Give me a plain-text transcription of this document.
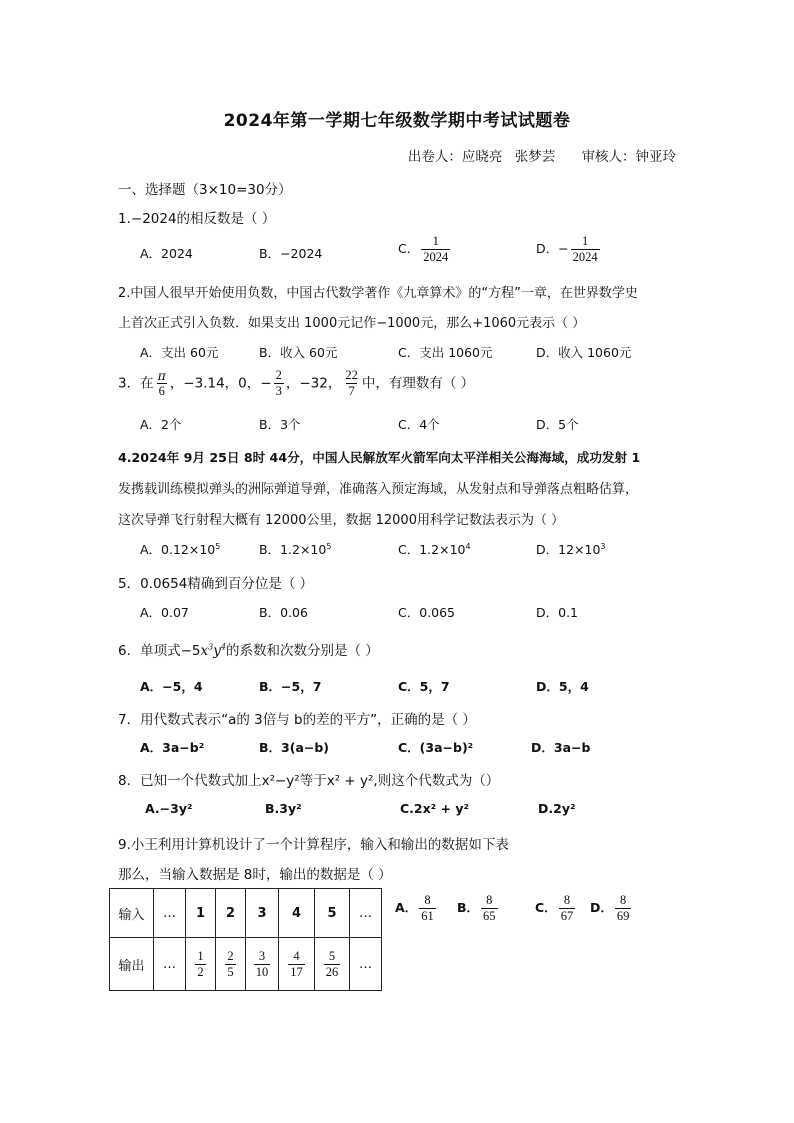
2024年第一学期七年级数学期中考试试题卷
出卷人：应晓亮 张梦芸 审核人：钟亚玲
一、选择题（3×10=30分）
1.−2024的相反数是（ ）
A．2024	B．−2024	C． $\frac{1}{2024}$	D．− $\frac{1}{2024}$
2.中国人很早开始使用负数，中国古代数学著作《九章算术》的“方程”一章，在世界数学史
上首次正式引入负数．如果支出 1000元记作−1000元，那么+1060元表示（ ）
A．支出 60元	B．收入 60元	C．支出 1060元	D．收入 1060元
3．在 $\frac{\pi}{6}$ ，−3.14，0，− $\frac{2}{3}$ ，−32， $\frac{22}{7}$ 中，有理数有（ ）
A．2个	B．3个	C．4个	D．5个
4.2024年 9月 25日 8时 44分，中国人民解放军火箭军向太平洋相关公海海域，成功发射 1
发携载训练模拟弹头的洲际弹道导弹，准确落入预定海域，从发射点和导弹落点粗略估算，
这次导弹飞行射程大概有 12000公里，数据 12000用科学记数法表示为（ ）
A．$0.12\times 10^5$	B．$1.2\times 10^5$	C．$1.2\times 10^4$	D．$12\times 10^3$
5．0.0654精确到百分位是（ ）
A．0.07	B．0.06	C．0.065	D．0.1
6．单项式$-5x^3y^4$的系数和次数分别是（ ）
A．−5，4	B．−5，7	C．5，7	D．5，4
7．用代数式表示“a的 3倍与 b的差的平方”，正确的是（ ）
A．3a−b²	B．3(a−b)	C．(3a−b)²	D．3a−b
8．已知一个代数式加上x²−y²等于x² + y²,则这个代数式为（）
A.−3y²	B.3y²	C.2x² + y²	D.2y²
9.小王利用计算机设计了一个计算程序，输入和输出的数据如下表
那么，当输入数据是 8时，输出的数据是（ ）
输入	…	1	2	3	4	5	…
输出	…	$\frac{1}{2}$	$\frac{2}{5}$	$\frac{3}{10}$	$\frac{4}{17}$	$\frac{5}{26}$	…
A． $\frac{8}{61}$ B． $\frac{8}{65}$	C． $\frac{8}{67}$ D． $\frac{8}{69}$
